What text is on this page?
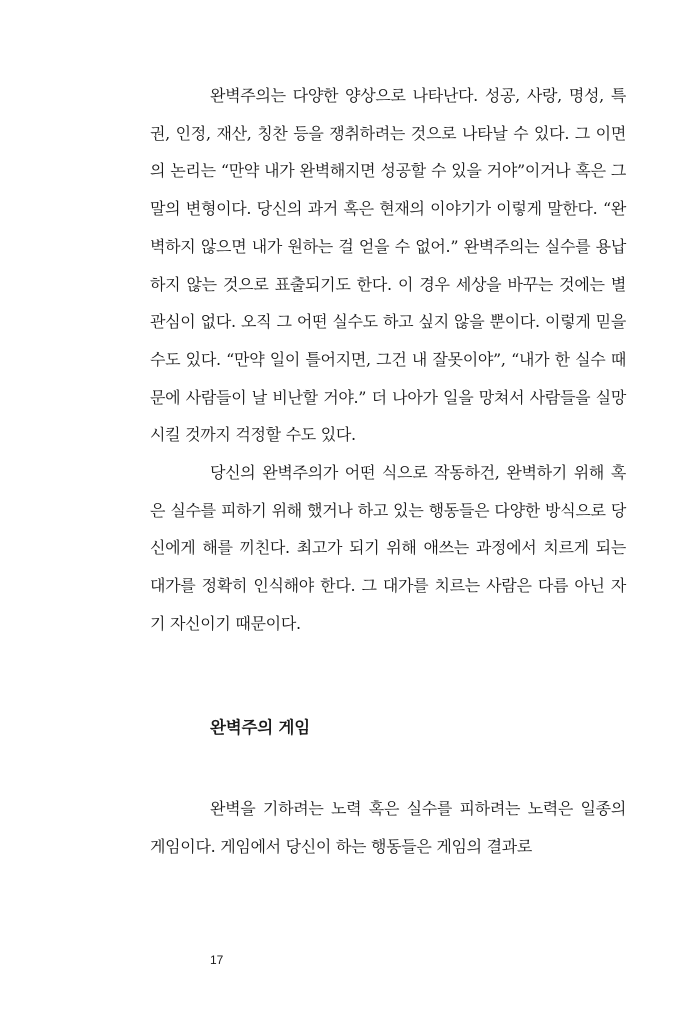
완벽주의는 다양한 양상으로 나타난다. 성공, 사랑, 명성, 특권, 인정, 재산, 칭찬 등을 쟁취하려는 것으로 나타날 수 있다. 그 이면의 논리는 “만약 내가 완벽해지면 성공할 수 있을 거야”이거나 혹은 그 말의 변형이다. 당신의 과거 혹은 현재의 이야기가 이렇게 말한다. “완벽하지 않으면 내가 원하는 걸 얻을 수 없어.” 완벽주의는 실수를 용납하지 않는 것으로 표출되기도 한다. 이 경우 세상을 바꾸는 것에는 별 관심이 없다. 오직 그 어떤 실수도 하고 싶지 않을 뿐이다. 이렇게 믿을 수도 있다. “만약 일이 틀어지면, 그건 내 잘못이야”, “내가 한 실수 때문에 사람들이 날 비난할 거야.” 더 나아가 일을 망쳐서 사람들을 실망시킬 것까지 걱정할 수도 있다.

당신의 완벽주의가 어떤 식으로 작동하건, 완벽하기 위해 혹은 실수를 피하기 위해 했거나 하고 있는 행동들은 다양한 방식으로 당신에게 해를 끼친다. 최고가 되기 위해 애쓰는 과정에서 치르게 되는 대가를 정확히 인식해야 한다. 그 대가를 치르는 사람은 다름 아닌 자기 자신이기 때문이다.

완벽주의 게임

완벽을 기하려는 노력 혹은 실수를 피하려는 노력은 일종의 게임이다. 게임에서 당신이 하는 행동들은 게임의 결과로

17
